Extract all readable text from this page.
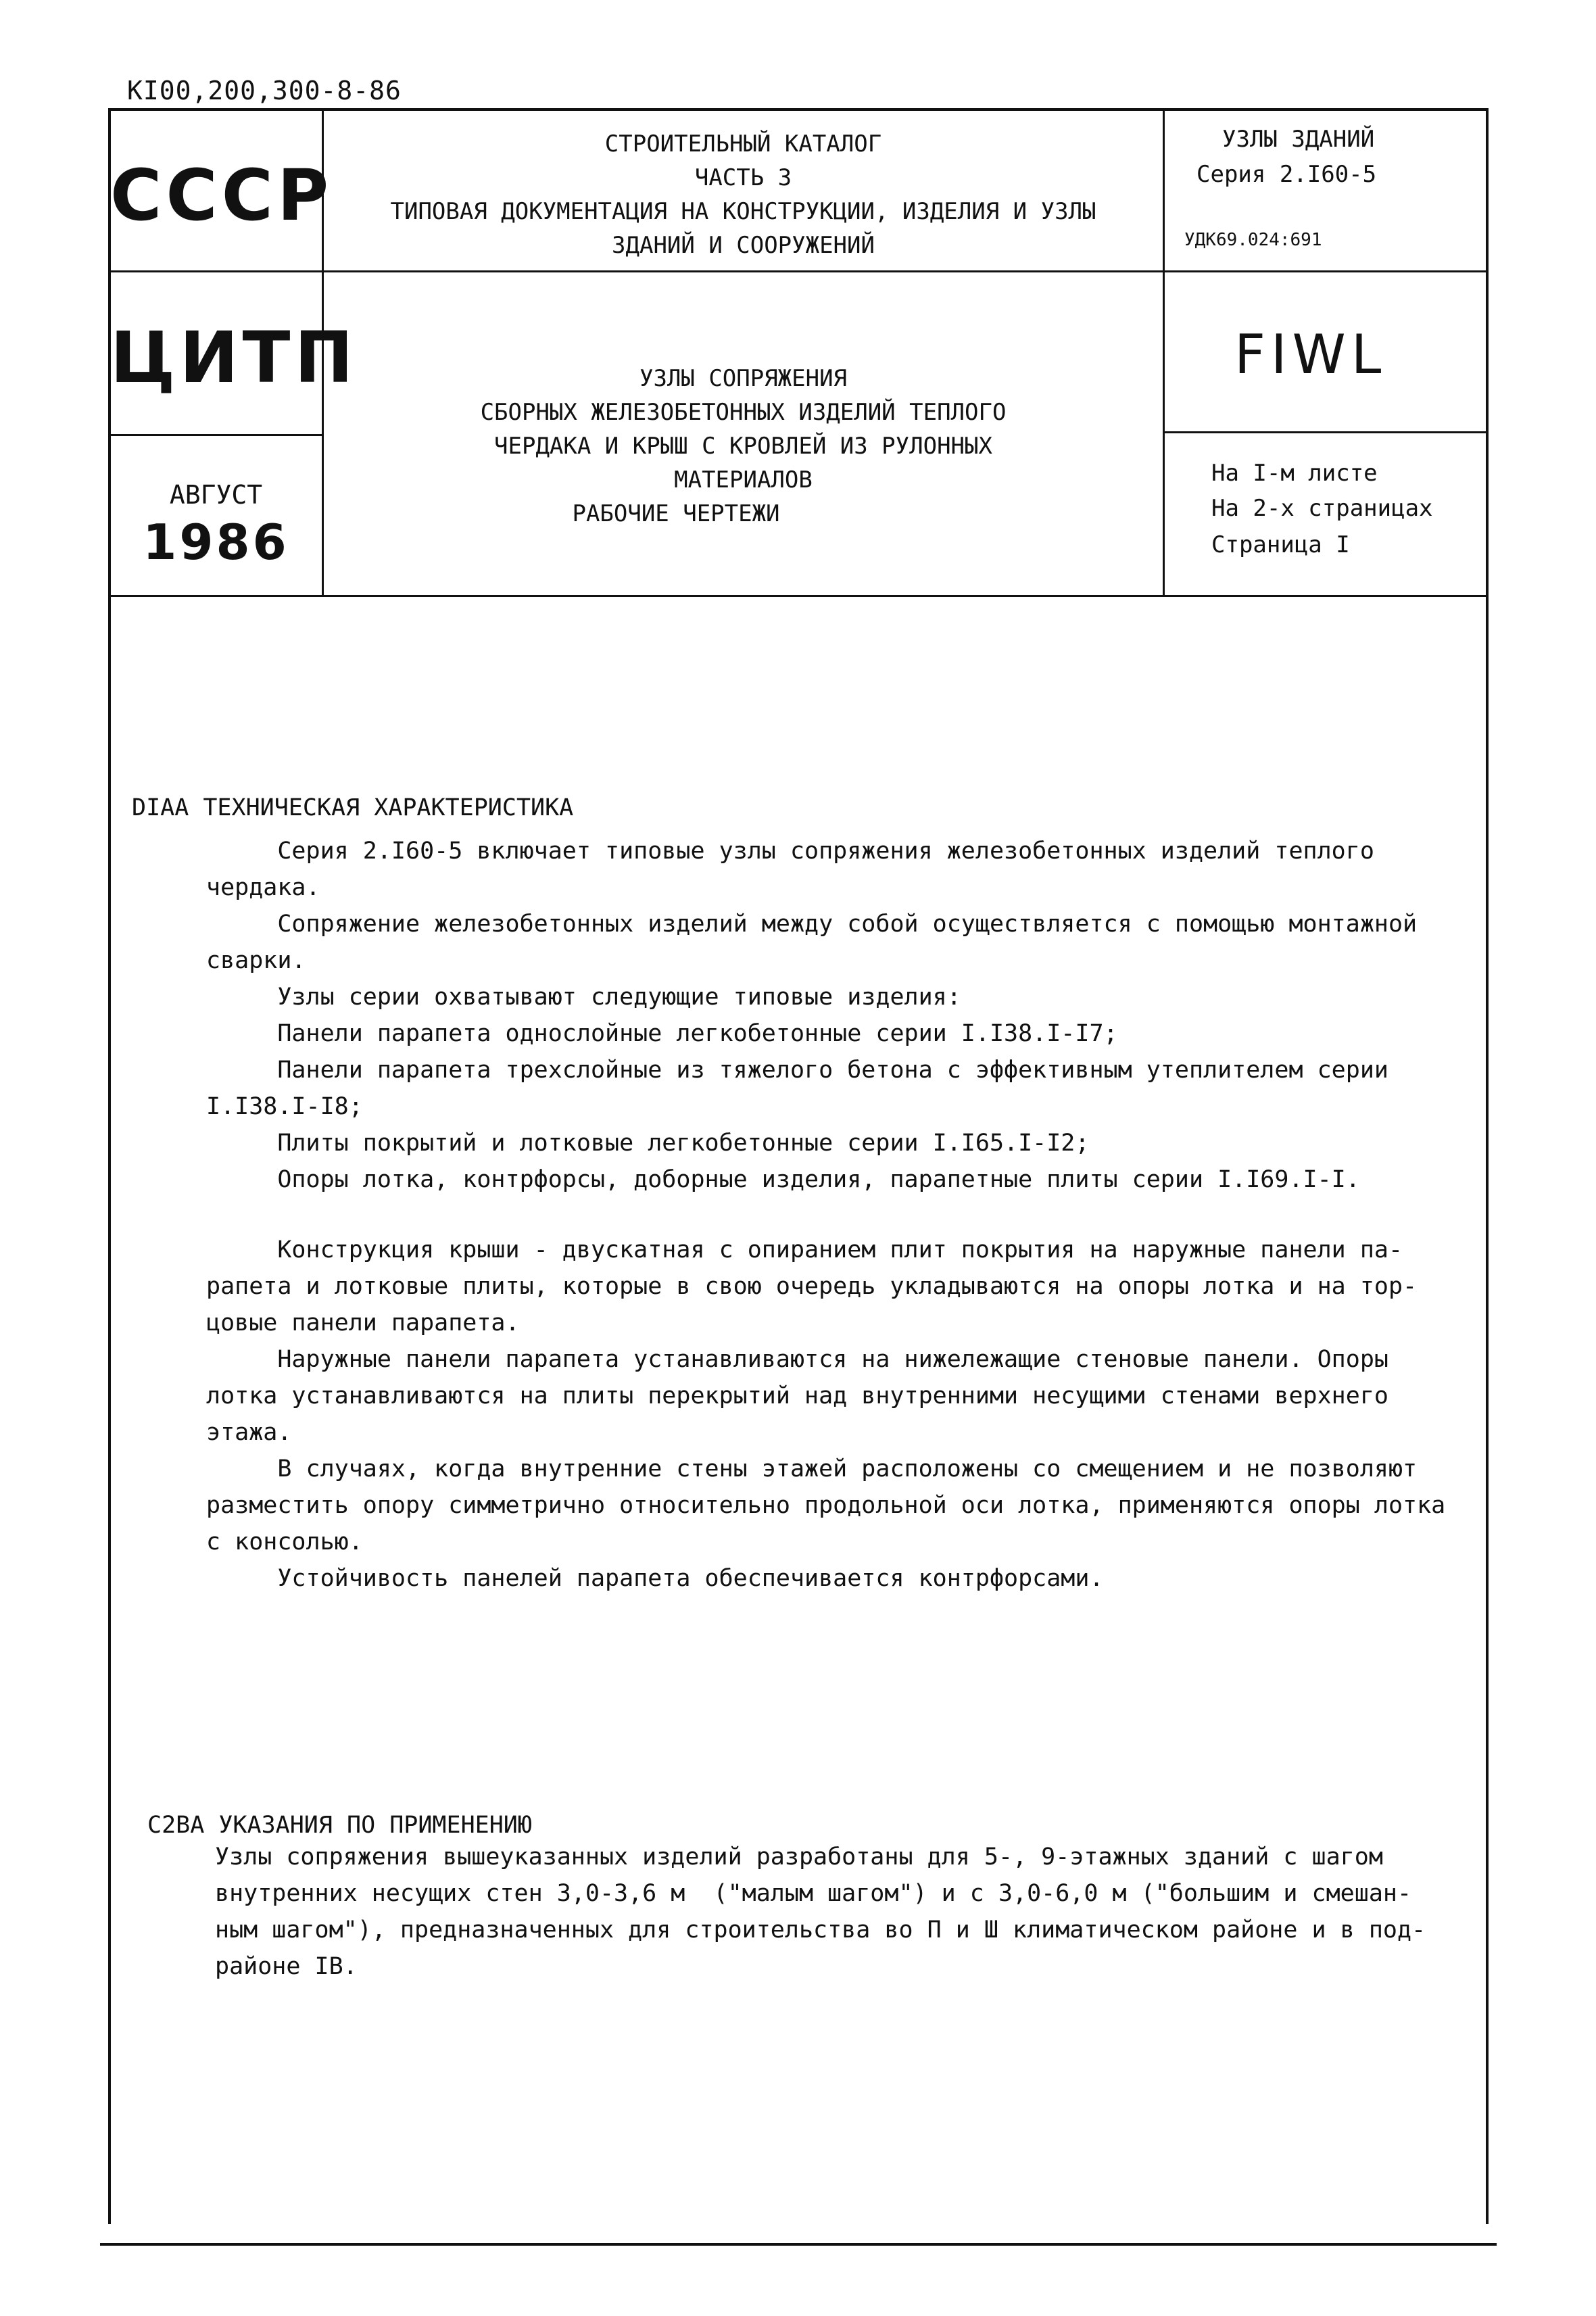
КI00,200,300-8-86
СССР
ЦИТП
АВГУСТ
1986
СТРОИТЕЛЬНЫЙ КАТАЛОГ
ЧАСТЬ 3
ТИПОВАЯ ДОКУМЕНТАЦИЯ НА КОНСТРУКЦИИ, ИЗДЕЛИЯ И УЗЛЫ
ЗДАНИЙ И СООРУЖЕНИЙ
УЗЛЫ СОПРЯЖЕНИЯ
СБОРНЫХ ЖЕЛЕЗОБЕТОННЫХ ИЗДЕЛИЙ ТЕПЛОГО
ЧЕРДАКА И КРЫШ С КРОВЛЕЙ ИЗ РУЛОННЫХ
МАТЕРИАЛОВ
РАБОЧИЕ ЧЕРТЕЖИ
УЗЛЫ ЗДАНИЙ
Серия 2.I60-5
УДК69.024:691
FIWL
На I-м листе
На 2-х страницах
Страница I
DIAA ТЕХНИЧЕСКАЯ ХАРАКТЕРИСТИКА
Серия 2.I60-5 включает типовые узлы сопряжения железобетонных изделий теплого
чердака.
Сопряжение железобетонных изделий между собой осуществляется с помощью монтажной
сварки.
Узлы серии охватывают следующие типовые изделия:
Панели парапета однослойные легкобетонные серии I.I38.I-I7;
Панели парапета трехслойные из тяжелого бетона с эффективным утеплителем серии
I.I38.I-I8;
Плиты покрытий и лотковые легкобетонные серии I.I65.I-I2;
Опоры лотка, контрфорсы, доборные изделия, парапетные плиты серии I.I69.I-I.
Конструкция крыши - двускатная с опиранием плит покрытия на наружные панели па-
рапета и лотковые плиты, которые в свою очередь укладываются на опоры лотка и на тор-
цовые панели парапета.
Наружные панели парапета устанавливаются на нижележащие стеновые панели. Опоры
лотка устанавливаются на плиты перекрытий над внутренними несущими стенами верхнего
этажа.
В случаях, когда внутренние стены этажей расположены со смещением и не позволяют
разместить опору симметрично относительно продольной оси лотка, применяются опоры лотка
с консолью.
Устойчивость панелей парапета обеспечивается контрфорсами.
C2BA УКАЗАНИЯ ПО ПРИМЕНЕНИЮ
Узлы сопряжения вышеуказанных изделий разработаны для 5-, 9-этажных зданий с шагом
внутренних несущих стен 3,0-3,6 м  ("малым шагом") и с 3,0-6,0 м ("большим и смешан-
ным шагом"), предназначенных для строительства во П и Ш климатическом районе и в под-
районе IВ.
